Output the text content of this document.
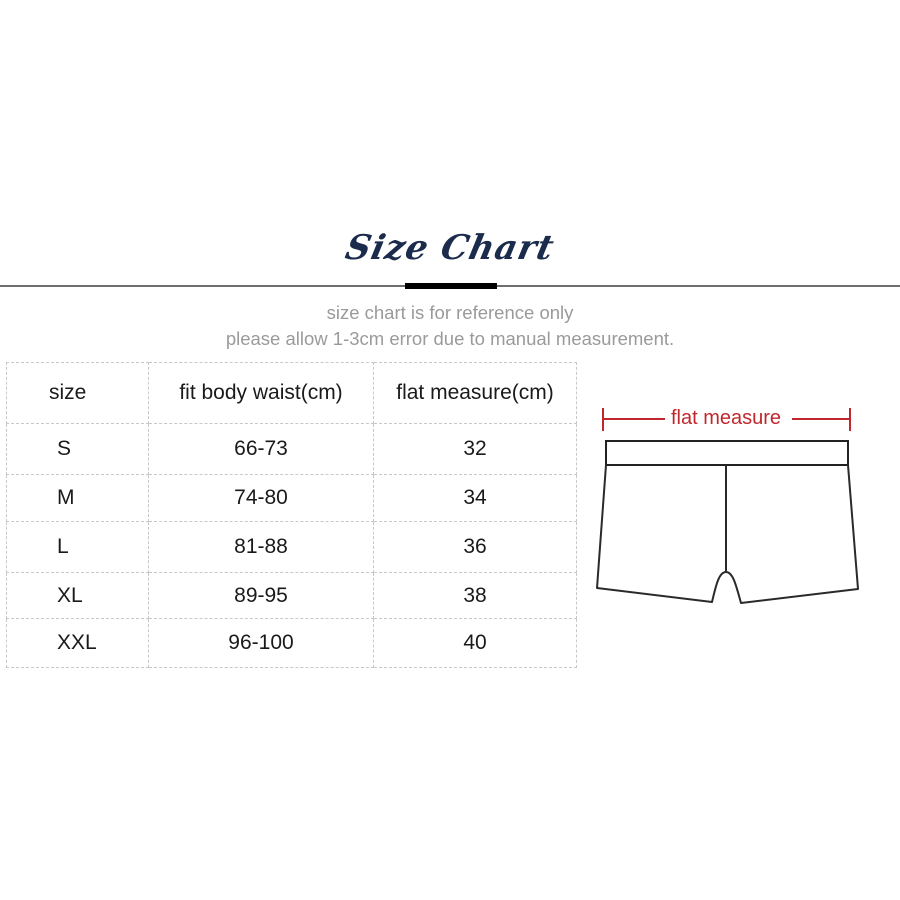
Size Chart
size chart is for reference only
please allow 1-3cm error due to manual measurement.
size	fit body waist(cm)	flat measure(cm)
S	66-73	32
M	74-80	34
L	81-88	36
XL	89-95	38
XXL	96-100	40
flat measure
